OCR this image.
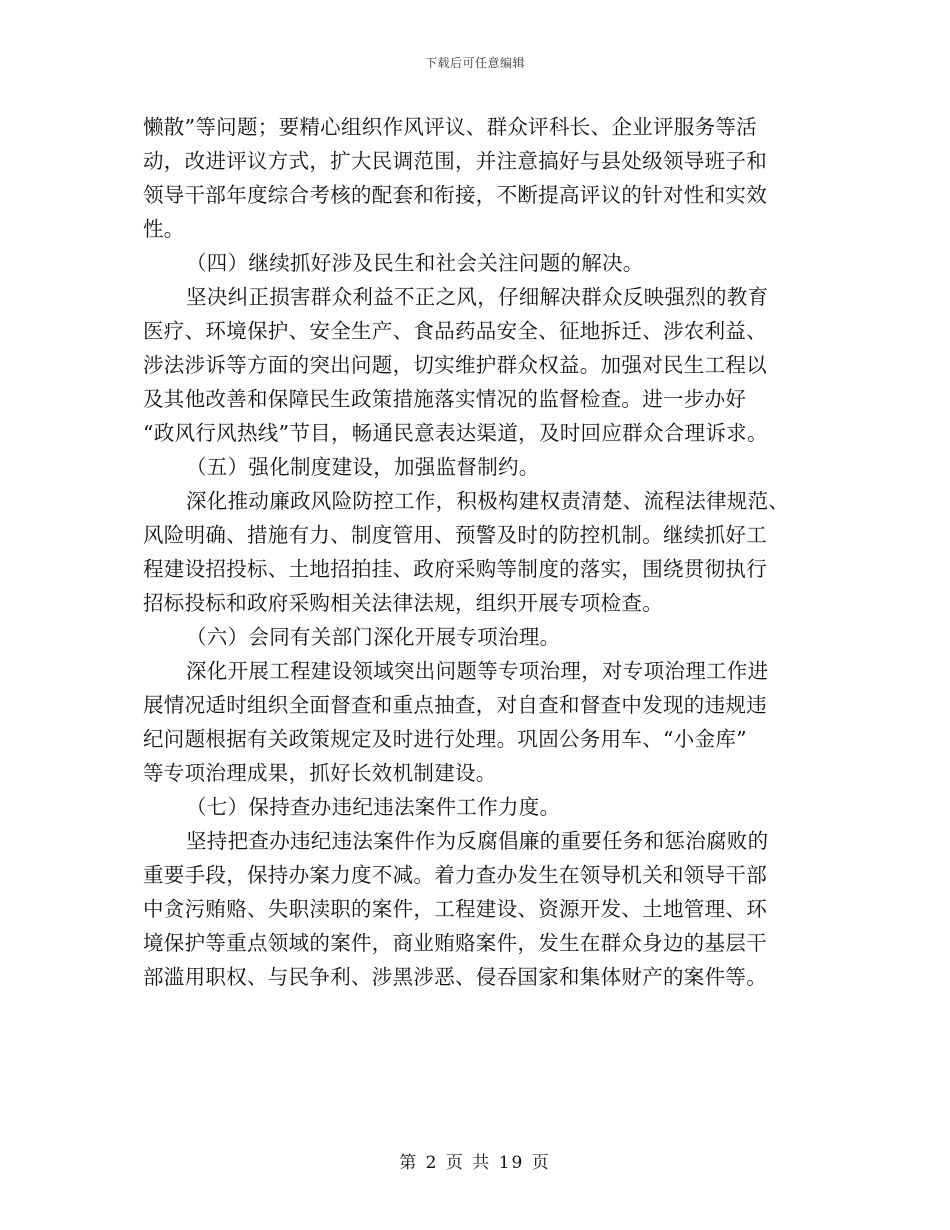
下载后可任意编辑
懒散”等问题；要精心组织作风评议、群众评科长、企业评服务等活
动，改进评议方式，扩大民调范围，并注意搞好与县处级领导班子和
领导干部年度综合考核的配套和衔接，不断提高评议的针对性和实效
性。
（四）继续抓好涉及民生和社会关注问题的解决。
坚决纠正损害群众利益不正之风，仔细解决群众反映强烈的教育
医疗、环境保护、安全生产、食品药品安全、征地拆迁、涉农利益、
涉法涉诉等方面的突出问题，切实维护群众权益。加强对民生工程以
及其他改善和保障民生政策措施落实情况的监督检查。进一步办好
“政风行风热线”节目，畅通民意表达渠道，及时回应群众合理诉求。
（五）强化制度建设，加强监督制约。
深化推动廉政风险防控工作，积极构建权责清楚、流程法律规范、
风险明确、措施有力、制度管用、预警及时的防控机制。继续抓好工
程建设招投标、土地招拍挂、政府采购等制度的落实，围绕贯彻执行
招标投标和政府采购相关法律法规，组织开展专项检查。
（六）会同有关部门深化开展专项治理。
深化开展工程建设领域突出问题等专项治理，对专项治理工作进
展情况适时组织全面督查和重点抽查，对自查和督查中发现的违规违
纪问题根据有关政策规定及时进行处理。巩固公务用车、“小金库”
等专项治理成果，抓好长效机制建设。
（七）保持查办违纪违法案件工作力度。
坚持把查办违纪违法案件作为反腐倡廉的重要任务和惩治腐败的
重要手段，保持办案力度不减。着力查办发生在领导机关和领导干部
中贪污贿赂、失职渎职的案件，工程建设、资源开发、土地管理、环
境保护等重点领域的案件，商业贿赂案件，发生在群众身边的基层干
部滥用职权、与民争利、涉黑涉恶、侵吞国家和集体财产的案件等。
第 2 页 共 19 页
